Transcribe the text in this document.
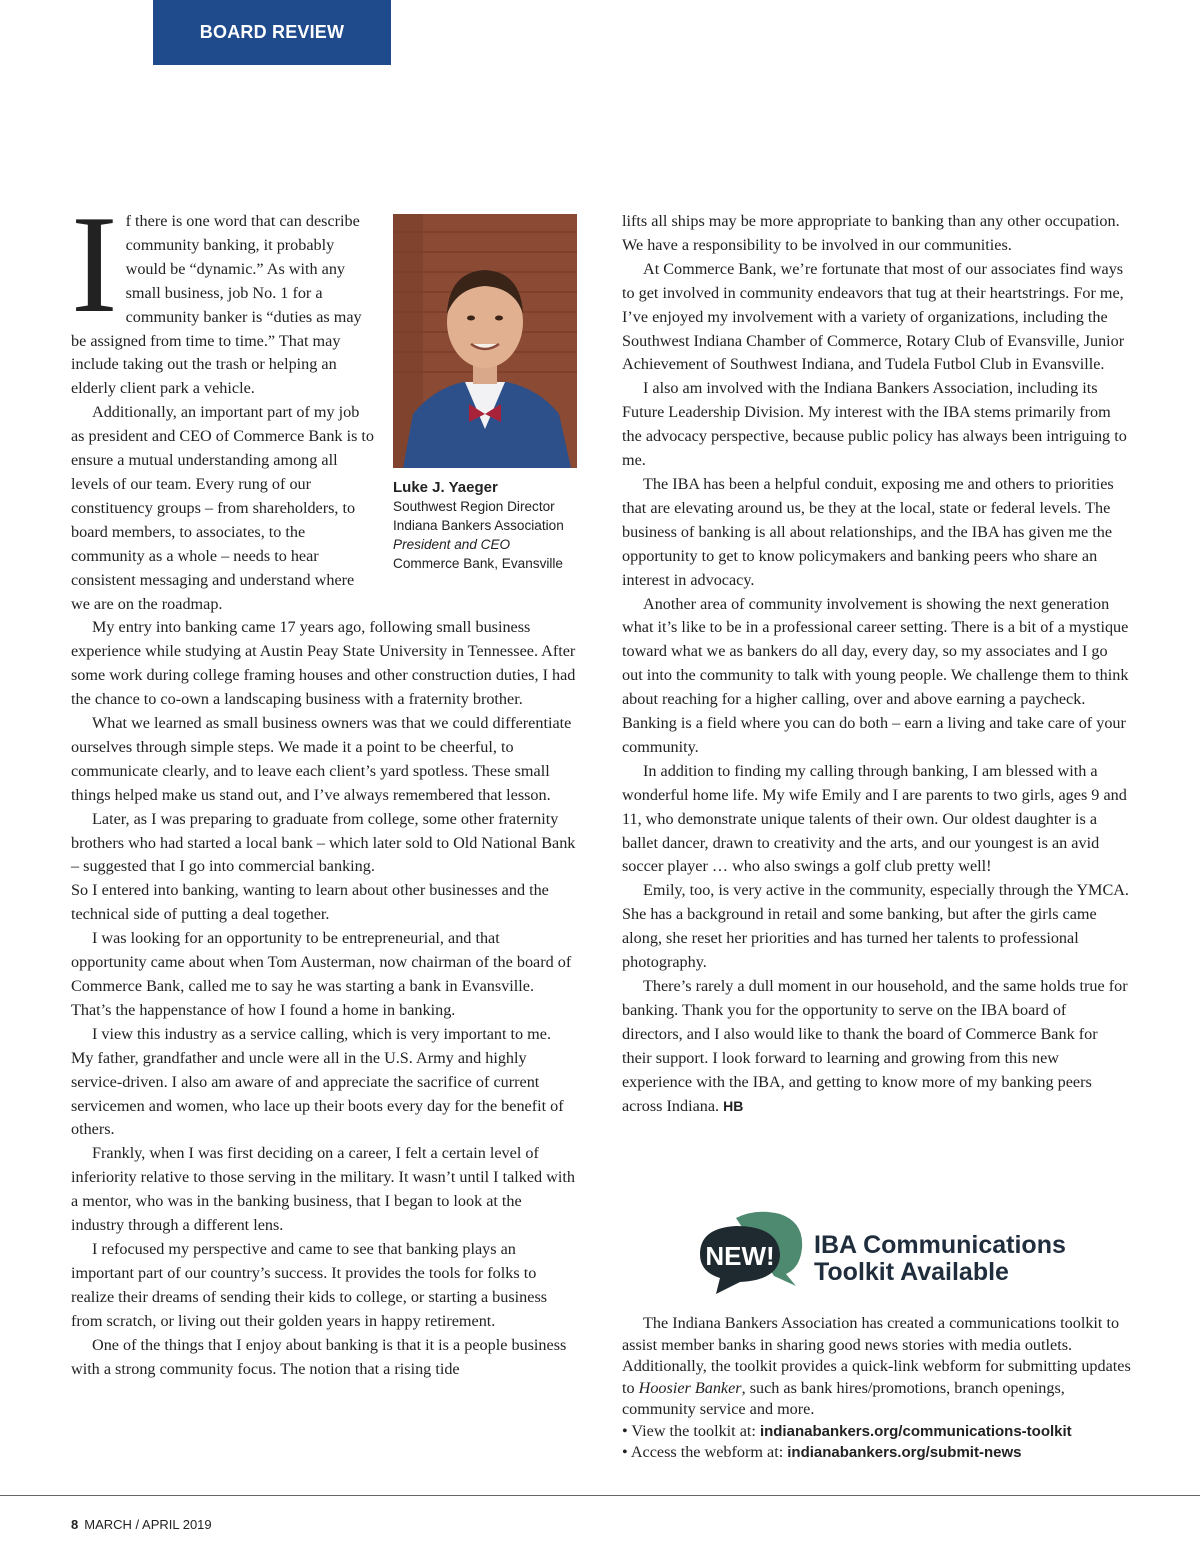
BOARD REVIEW
Luke J. Yaeger
Southwest Region Director
Indiana Bankers Association
President and CEO
Commerce Bank, Evansville

If there is one word that can describe community banking, it probably would be “dynamic.” As with any small business, job No. 1 for a community banker is “duties as may be assigned from time to time.” That may include taking out the trash or helping an elderly client park a vehicle.

Additionally, an important part of my job as president and CEO of Commerce Bank is to ensure a mutual understanding among all levels of our team. Every rung of our constituency groups – from shareholders, to board members, to associates, to the community as a whole – needs to hear consistent messaging and understand where we are on the roadmap.

My entry into banking came 17 years ago, following small business experience while studying at Austin Peay State University in Tennessee. After some work during college framing houses and other construction duties, I had the chance to co-own a landscaping business with a fraternity brother.

What we learned as small business owners was that we could differentiate ourselves through simple steps. We made it a point to be cheerful, to communicate clearly, and to leave each client’s yard spotless. These small things helped make us stand out, and I’ve always remembered that lesson.

Later, as I was preparing to graduate from college, some other fraternity brothers who had started a local bank – which later sold to Old National Bank – suggested that I go into commercial banking.

So I entered into banking, wanting to learn about other businesses and the technical side of putting a deal together.

I was looking for an opportunity to be entrepreneurial, and that opportunity came about when Tom Austerman, now chairman of the board of Commerce Bank, called me to say he was starting a bank in Evansville. That’s the happenstance of how I found a home in banking.

I view this industry as a service calling, which is very important to me. My father, grandfather and uncle were all in the U.S. Army and highly service-driven. I also am aware of and appreciate the sacrifice of current servicemen and women, who lace up their boots every day for the benefit of others.

Frankly, when I was first deciding on a career, I felt a certain level of inferiority relative to those serving in the military. It wasn’t until I talked with a mentor, who was in the banking business, that I began to look at the industry through a different lens.

I refocused my perspective and came to see that banking plays an important part of our country’s success. It provides the tools for folks to realize their dreams of sending their kids to college, or starting a business from scratch, or living out their golden years in happy retirement.

One of the things that I enjoy about banking is that it is a people business with a strong community focus. The notion that a rising tide

lifts all ships may be more appropriate to banking than any other occupation. We have a responsibility to be involved in our communities.

At Commerce Bank, we’re fortunate that most of our associates find ways to get involved in community endeavors that tug at their heartstrings. For me, I’ve enjoyed my involvement with a variety of organizations, including the Southwest Indiana Chamber of Commerce, Rotary Club of Evansville, Junior Achievement of Southwest Indiana, and Tudela Futbol Club in Evansville.

I also am involved with the Indiana Bankers Association, including its Future Leadership Division. My interest with the IBA stems primarily from the advocacy perspective, because public policy has always been intriguing to me.

The IBA has been a helpful conduit, exposing me and others to priorities that are elevating around us, be they at the local, state or federal levels. The business of banking is all about relationships, and the IBA has given me the opportunity to get to know policymakers and banking peers who share an interest in advocacy.

Another area of community involvement is showing the next generation what it’s like to be in a professional career setting. There is a bit of a mystique toward what we as bankers do all day, every day, so my associates and I go out into the community to talk with young people. We challenge them to think about reaching for a higher calling, over and above earning a paycheck. Banking is a field where you can do both – earn a living and take care of your community.

In addition to finding my calling through banking, I am blessed with a wonderful home life. My wife Emily and I are parents to two girls, ages 9 and 11, who demonstrate unique talents of their own. Our oldest daughter is a ballet dancer, drawn to creativity and the arts, and our youngest is an avid soccer player … who also swings a golf club pretty well!

Emily, too, is very active in the community, especially through the YMCA. She has a background in retail and some banking, but after the girls came along, she reset her priorities and has turned her talents to professional photography.

There’s rarely a dull moment in our household, and the same holds true for banking. Thank you for the opportunity to serve on the IBA board of directors, and I also would like to thank the board of Commerce Bank for their support. I look forward to learning and growing from this new experience with the IBA, and getting to know more of my banking peers across Indiana. HB

NEW! IBA Communications
Toolkit Available

The Indiana Bankers Association has created a communications toolkit to assist member banks in sharing good news stories with media outlets. Additionally, the toolkit provides a quick-link webform for submitting updates to Hoosier Banker, such as bank hires/promotions, branch openings, community service and more.

• View the toolkit at: indianabankers.org/communications-toolkit

• Access the webform at: indianabankers.org/submit-news

8 MARCH / APRIL 2019
